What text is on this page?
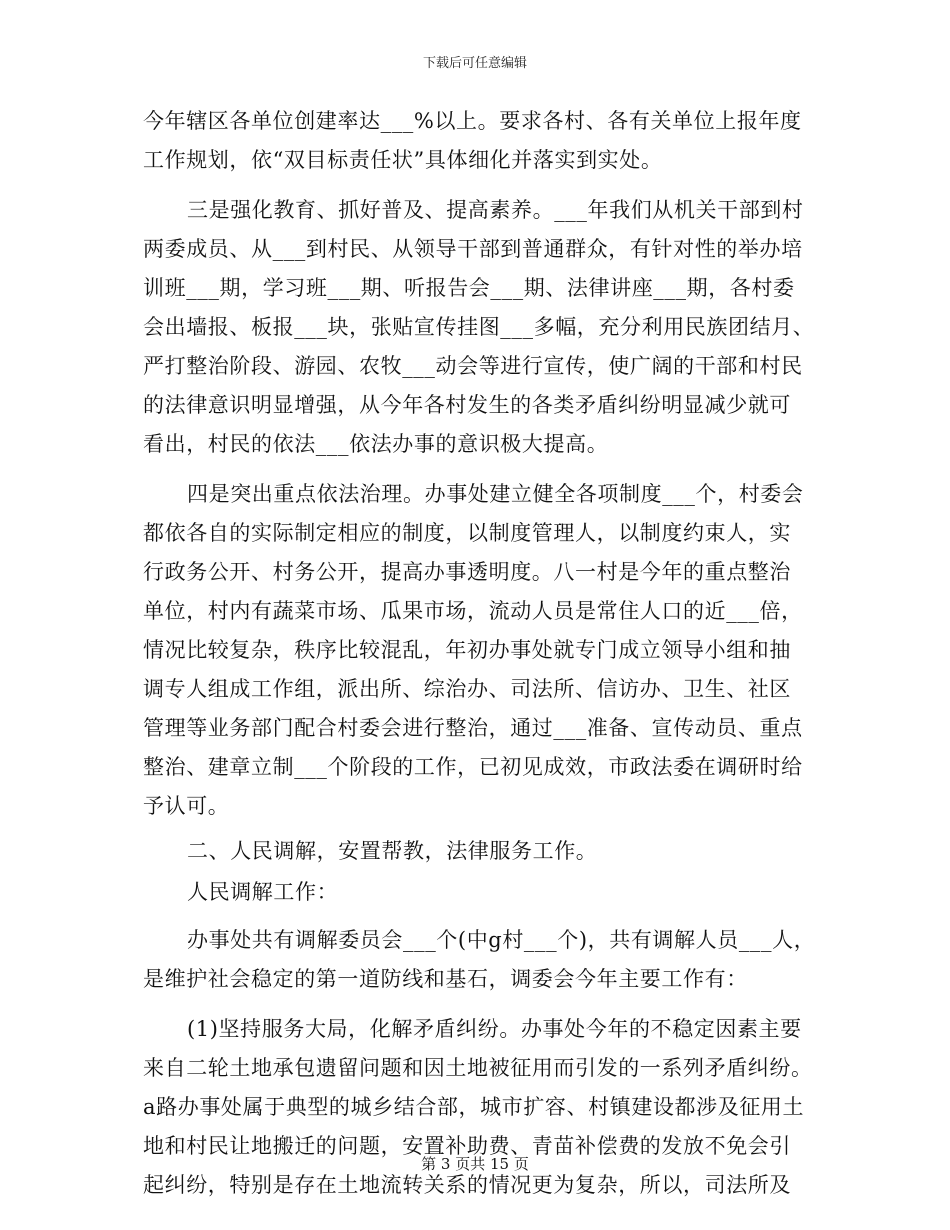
下载后可任意编辑
今年辖区各单位创建率达___%以上。要求各村、各有关单位上报年度
工作规划，依“双目标责任状”具体细化并落实到实处。
三是强化教育、抓好普及、提高素养。___年我们从机关干部到村
两委成员、从___到村民、从领导干部到普通群众，有针对性的举办培
训班___期，学习班___期、听报告会___期、法律讲座___期，各村委
会出墙报、板报___块，张贴宣传挂图___多幅，充分利用民族团结月、
严打整治阶段、游园、农牧___动会等进行宣传，使广阔的干部和村民
的法律意识明显增强，从今年各村发生的各类矛盾纠纷明显减少就可
看出，村民的依法___依法办事的意识极大提高。
四是突出重点依法治理。办事处建立健全各项制度___个，村委会
都依各自的实际制定相应的制度，以制度管理人，以制度约束人，实
行政务公开、村务公开，提高办事透明度。八一村是今年的重点整治
单位，村内有蔬菜市场、瓜果市场，流动人员是常住人口的近___倍，
情况比较复杂，秩序比较混乱，年初办事处就专门成立领导小组和抽
调专人组成工作组，派出所、综治办、司法所、信访办、卫生、社区
管理等业务部门配合村委会进行整治，通过___准备、宣传动员、重点
整治、建章立制___个阶段的工作，已初见成效，市政法委在调研时给
予认可。
二、人民调解，安置帮教，法律服务工作。
人民调解工作：
办事处共有调解委员会___个(中g村___个)，共有调解人员___人，
是维护社会稳定的第一道防线和基石，调委会今年主要工作有：
(1)坚持服务大局，化解矛盾纠纷。办事处今年的不稳定因素主要
来自二轮土地承包遗留问题和因土地被征用而引发的一系列矛盾纠纷。
a路办事处属于典型的城乡结合部，城市扩容、村镇建设都涉及征用土
地和村民让地搬迁的问题，安置补助费、青苗补偿费的发放不免会引
起纠纷，特别是存在土地流转关系的情况更为复杂，所以，司法所及
第 3 页共 15 页
